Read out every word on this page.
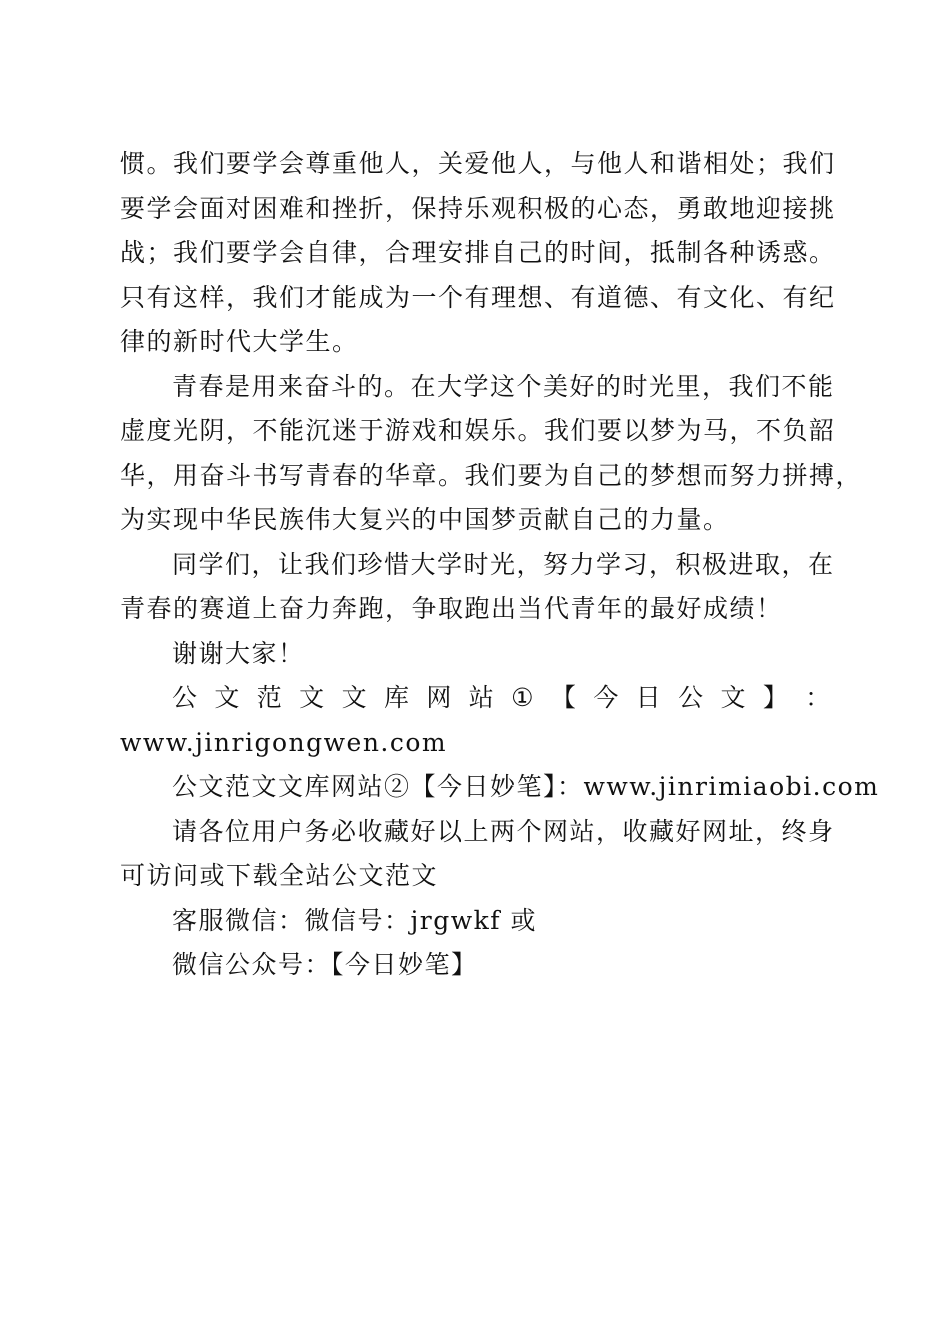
惯。我们要学会尊重他人，关爱他人，与他人和谐相处；我们
要学会面对困难和挫折，保持乐观积极的心态，勇敢地迎接挑
战；我们要学会自律，合理安排自己的时间，抵制各种诱惑。
只有这样，我们才能成为一个有理想、有道德、有文化、有纪
律的新时代大学生。
青春是用来奋斗的。在大学这个美好的时光里，我们不能
虚度光阴，不能沉迷于游戏和娱乐。我们要以梦为马，不负韶
华，用奋斗书写青春的华章。我们要为自己的梦想而努力拼搏，
为实现中华民族伟大复兴的中国梦贡献自己的力量。
同学们，让我们珍惜大学时光，努力学习，积极进取，在
青春的赛道上奋力奔跑，争取跑出当代青年的最好成绩！
谢谢大家！
公 文 范 文 文 库 网 站 ① 【 今 日 公 文 】 ：
www.jinrigongwen.com
公文范文文库网站②【今日妙笔】：www.jinrimiaobi.com
请各位用户务必收藏好以上两个网站，收藏好网址，终身
可访问或下载全站公文范文
客服微信：微信号：jrgwkf 或
微信公众号：【今日妙笔】
